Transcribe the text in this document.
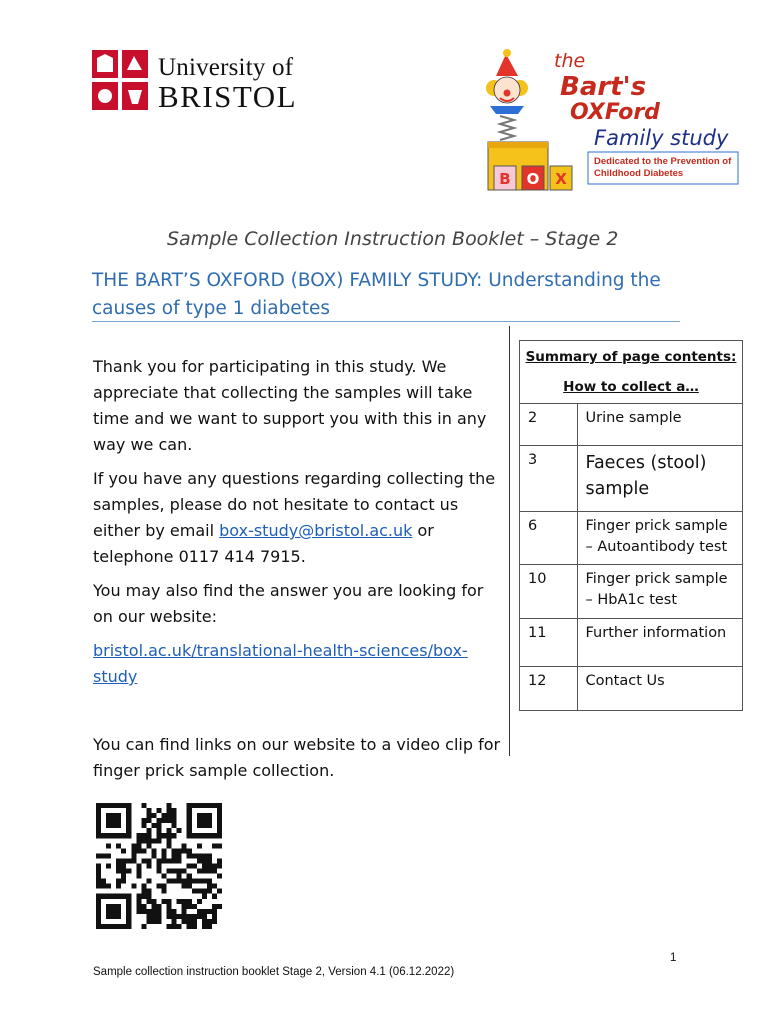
University of
BRISTOL
B O X
the
Bart's
OXFord
Family study
Dedicated to the Prevention of Childhood Diabetes
Sample Collection Instruction Booklet – Stage 2
THE BART’S OXFORD (BOX) FAMILY STUDY: Understanding the causes of type 1 diabetes

Thank you for participating in this study. We appreciate that collecting the samples will take time and we want to support you with this in any way we can.

If you have any questions regarding collecting the samples, please do not hesitate to contact us either by email box-study@bristol.ac.uk or telephone 0117 414 7915.

You may also find the answer you are looking for on our website:

bristol.ac.uk/translational-health-sciences/box-study

You can find links on our website to a video clip for finger prick sample collection.
Summary of page contents:
How to collect a…
2	Urine sample
3	Faeces (stool) sample
6	Finger prick sample – Autoantibody test
10	Finger prick sample – HbA1c test
11	Further information
12	Contact Us
1
Sample collection instruction booklet Stage 2, Version 4.1 (06.12.2022)
